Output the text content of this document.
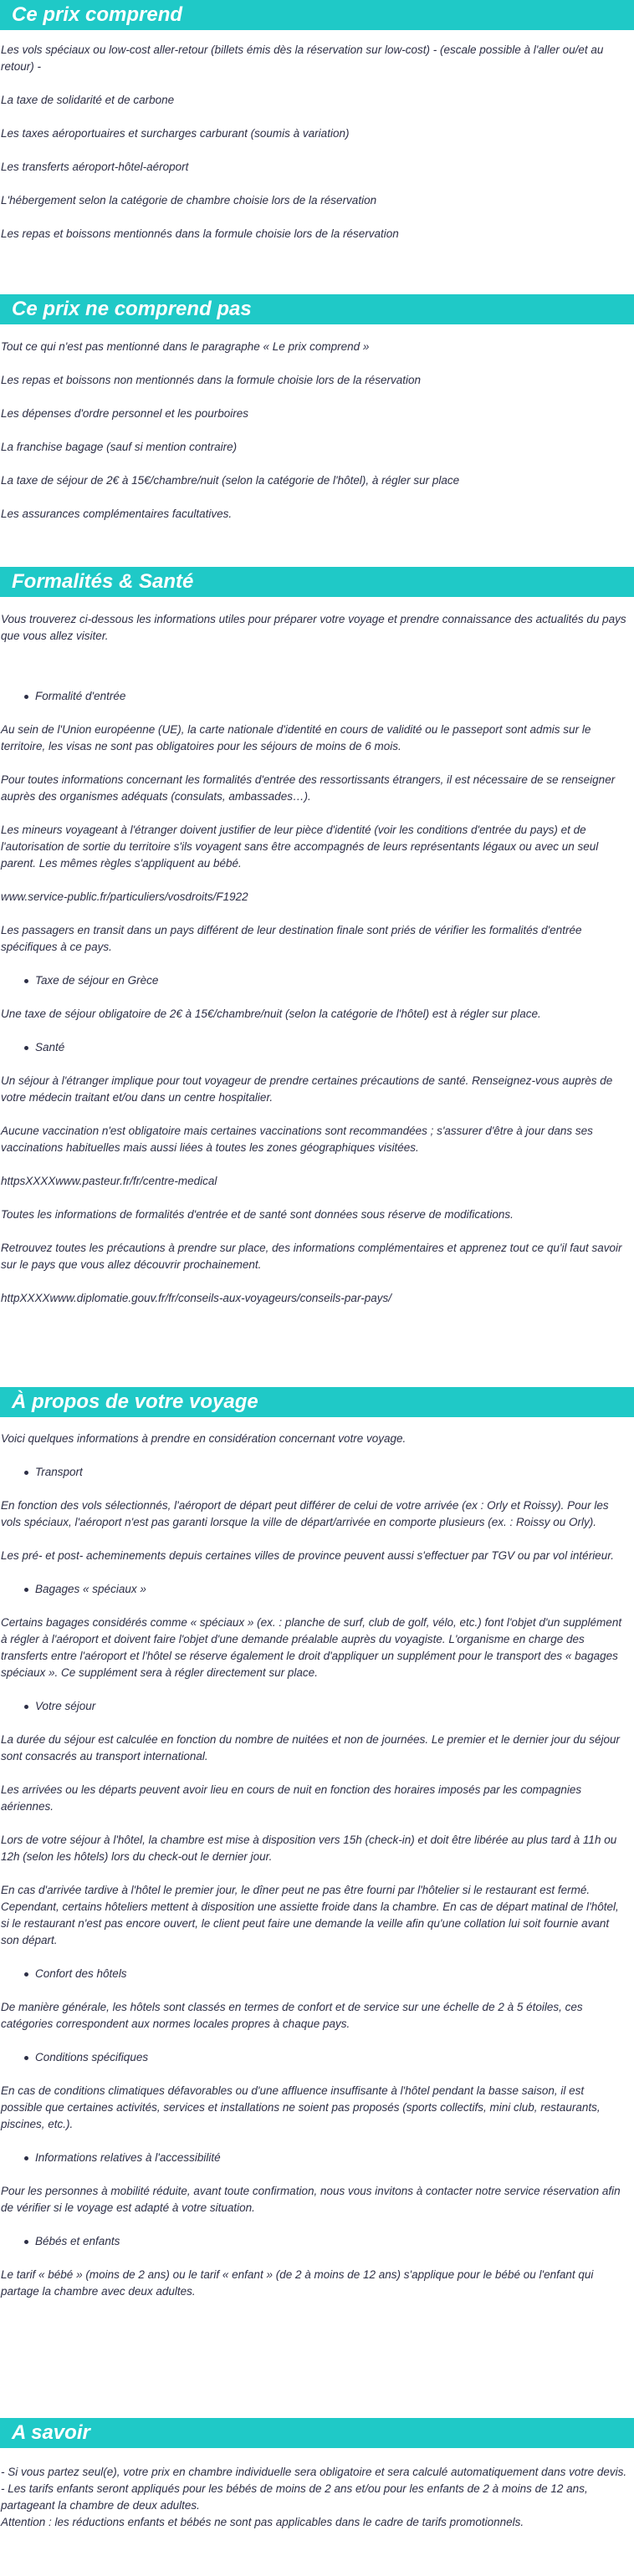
Ce prix comprend

Les vols spéciaux ou low-cost aller-retour (billets émis dès la réservation sur low-cost) - (escale possible à l'aller ou/et au retour) -

La taxe de solidarité et de carbone

Les taxes aéroportuaires et surcharges carburant (soumis à variation)

Les transferts aéroport-hôtel-aéroport

L'hébergement selon la catégorie de chambre choisie lors de la réservation

Les repas et boissons mentionnés dans la formule choisie lors de la réservation

Ce prix ne comprend pas

Tout ce qui n'est pas mentionné dans le paragraphe « Le prix comprend »

Les repas et boissons non mentionnés dans la formule choisie lors de la réservation

Les dépenses d'ordre personnel et les pourboires

La franchise bagage (sauf si mention contraire)

La taxe de séjour de 2€ à 15€/chambre/nuit (selon la catégorie de l'hôtel), à régler sur place

Les assurances complémentaires facultatives.

Formalités & Santé

Vous trouverez ci-dessous les informations utiles pour préparer votre voyage et prendre connaissance des actualités du pays que vous allez visiter.

Formalité d'entrée

Au sein de l'Union européenne (UE), la carte nationale d'identité en cours de validité ou le passeport sont admis sur le territoire, les visas ne sont pas obligatoires pour les séjours de moins de 6 mois.

Pour toutes informations concernant les formalités d'entrée des ressortissants étrangers, il est nécessaire de se renseigner auprès des organismes adéquats (consulats, ambassades…).

Les mineurs voyageant à l'étranger doivent justifier de leur pièce d'identité (voir les conditions d'entrée du pays) et de l'autorisation de sortie du territoire s'ils voyagent sans être accompagnés de leurs représentants légaux ou avec un seul parent. Les mêmes règles s'appliquent au bébé.

www.service-public.fr/particuliers/vosdroits/F1922

Les passagers en transit dans un pays différent de leur destination finale sont priés de vérifier les formalités d'entrée spécifiques à ce pays.

Taxe de séjour en Grèce

Une taxe de séjour obligatoire de 2€ à 15€/chambre/nuit (selon la catégorie de l'hôtel) est à régler sur place.

Santé

Un séjour à l'étranger implique pour tout voyageur de prendre certaines précautions de santé. Renseignez-vous auprès de votre médecin traitant et/ou dans un centre hospitalier.

Aucune vaccination n'est obligatoire mais certaines vaccinations sont recommandées ; s'assurer d'être à jour dans ses vaccinations habituelles mais aussi liées à toutes les zones géographiques visitées.

httpsXXXXwww.pasteur.fr/fr/centre-medical

Toutes les informations de formalités d'entrée et de santé sont données sous réserve de modifications.

Retrouvez toutes les précautions à prendre sur place, des informations complémentaires et apprenez tout ce qu'il faut savoir sur le pays que vous allez découvrir prochainement.

httpXXXXwww.diplomatie.gouv.fr/fr/conseils-aux-voyageurs/conseils-par-pays/

À propos de votre voyage

Voici quelques informations à prendre en considération concernant votre voyage.

Transport

En fonction des vols sélectionnés, l'aéroport de départ peut différer de celui de votre arrivée (ex : Orly et Roissy). Pour les vols spéciaux, l'aéroport n'est pas garanti lorsque la ville de départ/arrivée en comporte plusieurs (ex. : Roissy ou Orly).

Les pré- et post- acheminements depuis certaines villes de province peuvent aussi s'effectuer par TGV ou par vol intérieur.

Bagages « spéciaux »

Certains bagages considérés comme « spéciaux » (ex. : planche de surf, club de golf, vélo, etc.) font l'objet d'un supplément à régler à l'aéroport et doivent faire l'objet d'une demande préalable auprès du voyagiste. L'organisme en charge des transferts entre l'aéroport et l'hôtel se réserve également le droit d'appliquer un supplément pour le transport des « bagages spéciaux ». Ce supplément sera à régler directement sur place.

Votre séjour

La durée du séjour est calculée en fonction du nombre de nuitées et non de journées. Le premier et le dernier jour du séjour sont consacrés au transport international.

Les arrivées ou les départs peuvent avoir lieu en cours de nuit en fonction des horaires imposés par les compagnies aériennes.

Lors de votre séjour à l'hôtel, la chambre est mise à disposition vers 15h (check-in) et doit être libérée au plus tard à 11h ou 12h (selon les hôtels) lors du check-out le dernier jour.

En cas d'arrivée tardive à l'hôtel le premier jour, le dîner peut ne pas être fourni par l'hôtelier si le restaurant est fermé. Cependant, certains hôteliers mettent à disposition une assiette froide dans la chambre. En cas de départ matinal de l'hôtel, si le restaurant n'est pas encore ouvert, le client peut faire une demande la veille afin qu'une collation lui soit fournie avant son départ.

Confort des hôtels

De manière générale, les hôtels sont classés en termes de confort et de service sur une échelle de 2 à 5 étoiles, ces catégories correspondent aux normes locales propres à chaque pays.

Conditions spécifiques

En cas de conditions climatiques défavorables ou d'une affluence insuffisante à l'hôtel pendant la basse saison, il est possible que certaines activités, services et installations ne soient pas proposés (sports collectifs, mini club, restaurants, piscines, etc.).

Informations relatives à l'accessibilité

Pour les personnes à mobilité réduite, avant toute confirmation, nous vous invitons à contacter notre service réservation afin de vérifier si le voyage est adapté à votre situation.

Bébés et enfants

Le tarif « bébé » (moins de 2 ans) ou le tarif « enfant » (de 2 à moins de 12 ans) s'applique pour le bébé ou l'enfant qui partage la chambre avec deux adultes.

A savoir

- Si vous partez seul(e), votre prix en chambre individuelle sera obligatoire et sera calculé automatiquement dans votre devis.

- Les tarifs enfants seront appliqués pour les bébés de moins de 2 ans et/ou pour les enfants de 2 à moins de 12 ans, partageant la chambre de deux adultes.

Attention : les réductions enfants et bébés ne sont pas applicables dans le cadre de tarifs promotionnels.
